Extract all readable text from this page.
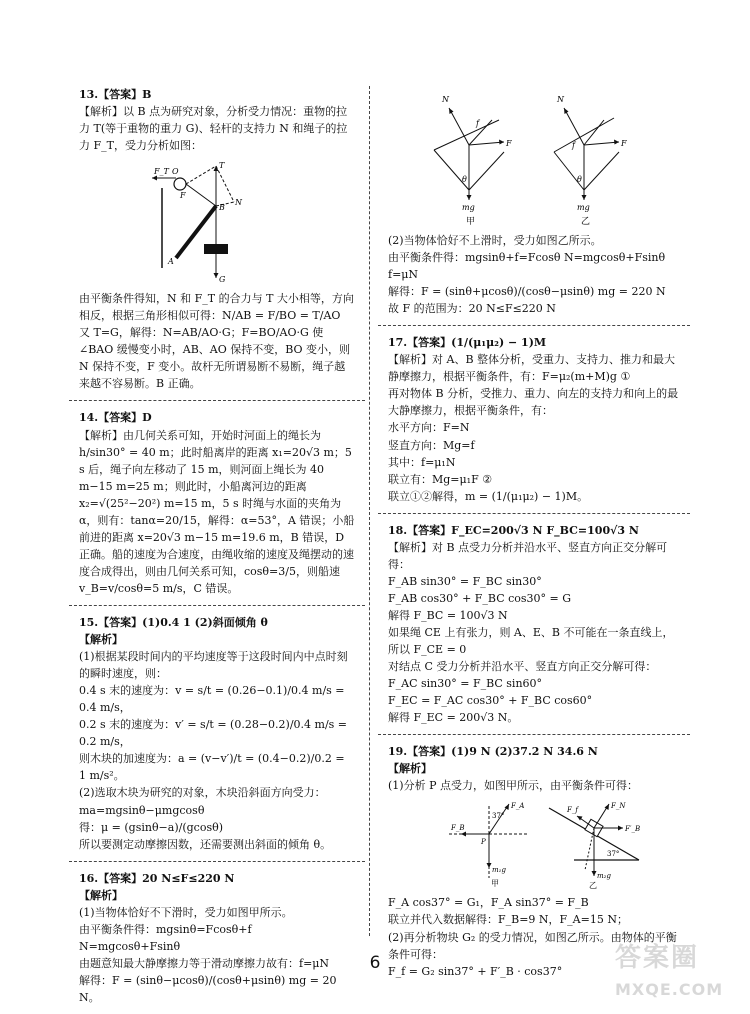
13.【答案】B

【解析】以 B 点为研究对象，分析受力情况：重物的拉力 T(等于重物的重力 G)、轻杆的支持力 N 和绳子的拉力 F_T，受力分析如图：

F_T O
T
F
B
N
A
G

由平衡条件得知，N 和 F_T 的合力与 T 大小相等，方向相反，根据三角形相似可得：N/AB = F/BO = T/AO

又 T=G，解得：N=AB/AO·G；F=BO/AO·G 使∠BAO 缓慢变小时，AB、AO 保持不变，BO 变小，则 N 保持不变，F 变小。故杆无所谓易断不易断，绳子越来越不容易断。B 正确。

14.【答案】D

【解析】由几何关系可知，开始时河面上的绳长为 h/sin30° = 40 m；此时船离岸的距离 x₁=20√3 m；5 s 后，绳子向左移动了 15 m，则河面上绳长为 40 m−15 m=25 m；则此时，小船离河边的距离 x₂=√(25²−20²) m=15 m，5 s 时绳与水面的夹角为 α，则有：tanα=20/15，解得：α=53°，A 错误；小船前进的距离 x=20√3 m−15 m=19.6 m，B 错误，D 正确。船的速度为合速度，由绳收缩的速度及绳摆动的速度合成得出，则由几何关系可知，cosθ=3/5，则船速 v_B=v/cosθ=5 m/s，C 错误。

15.【答案】(1)0.4 1 (2)斜面倾角 θ

【解析】

(1)根据某段时间内的平均速度等于这段时间内中点时刻的瞬时速度，则：

0.4 s 末的速度为：v = s/t = (0.26−0.1)/0.4 m/s = 0.4 m/s，

0.2 s 末的速度为：v′ = s/t = (0.28−0.2)/0.4 m/s = 0.2 m/s，

则木块的加速度为：a = (v−v′)/t = (0.4−0.2)/0.2 = 1 m/s²。

(2)选取木块为研究的对象，木块沿斜面方向受力：ma=mgsinθ−μmgcosθ

得：μ = (gsinθ−a)/(gcosθ)

所以要测定动摩擦因数，还需要测出斜面的倾角 θ。

16.【答案】20 N≤F≤220 N

【解析】

(1)当物体恰好不下滑时，受力如图甲所示。

由平衡条件得：mgsinθ=Fcosθ+f N=mgcosθ+Fsinθ

由题意知最大静摩擦力等于滑动摩擦力故有：f=μN

解得：F = (sinθ−μcosθ)/(cosθ+μsinθ) mg = 20 N。

N
f
F
θ
mg
甲
N
f	F
θ
mg
乙

(2)当物体恰好不上滑时，受力如图乙所示。

由平衡条件得：mgsinθ+f=Fcosθ N=mgcosθ+Fsinθ

f=μN

解得：F = (sinθ+μcosθ)/(cosθ−μsinθ) mg = 220 N

故 F 的范围为：20 N≤F≤220 N

17.【答案】(1/(μ₁μ₂) − 1)M

【解析】对 A、B 整体分析，受重力、支持力、推力和最大静摩擦力，根据平衡条件，有：F=μ₂(m+M)g ①

再对物体 B 分析，受推力、重力、向左的支持力和向上的最大静摩擦力，根据平衡条件，有：

水平方向：F=N

竖直方向：Mg=f

其中：f=μ₁N

联立有：Mg=μ₁F ②

联立①②解得，m = (1/(μ₁μ₂) − 1)M。

18.【答案】F_EC=200√3 N F_BC=100√3 N

【解析】对 B 点受力分析并沿水平、竖直方向正交分解可得：

F_AB sin30° = F_BC sin30°

F_AB cos30° + F_BC cos30° = G

解得 F_BC = 100√3 N

如果绳 CE 上有张力，则 A、E、B 不可能在一条直线上，所以 F_CE = 0

对结点 C 受力分析并沿水平、竖直方向正交分解可得：F_AC sin30° = F_BC sin60°

F_EC = F_AC cos30° + F_BC cos60°

解得 F_EC = 200√3 N。

19.【答案】(1)9 N (2)37.2 N 34.6 N

【解析】

(1)分析 P 点受力，如图甲所示，由平衡条件可得：

F_A
37°
F_B
P
m₁g
甲
F_f	F_N
F′_B
37°
m₂g
乙

F_A cos37° = G₁，F_A sin37° = F_B

联立并代入数据解得：F_B=9 N，F_A=15 N；

(2)再分析物块 G₂ 的受力情况，如图乙所示。由物体的平衡条件可得：

F_f = G₂ sin37° + F′_B · cos37°

6	答案圈
MXQE.COM
